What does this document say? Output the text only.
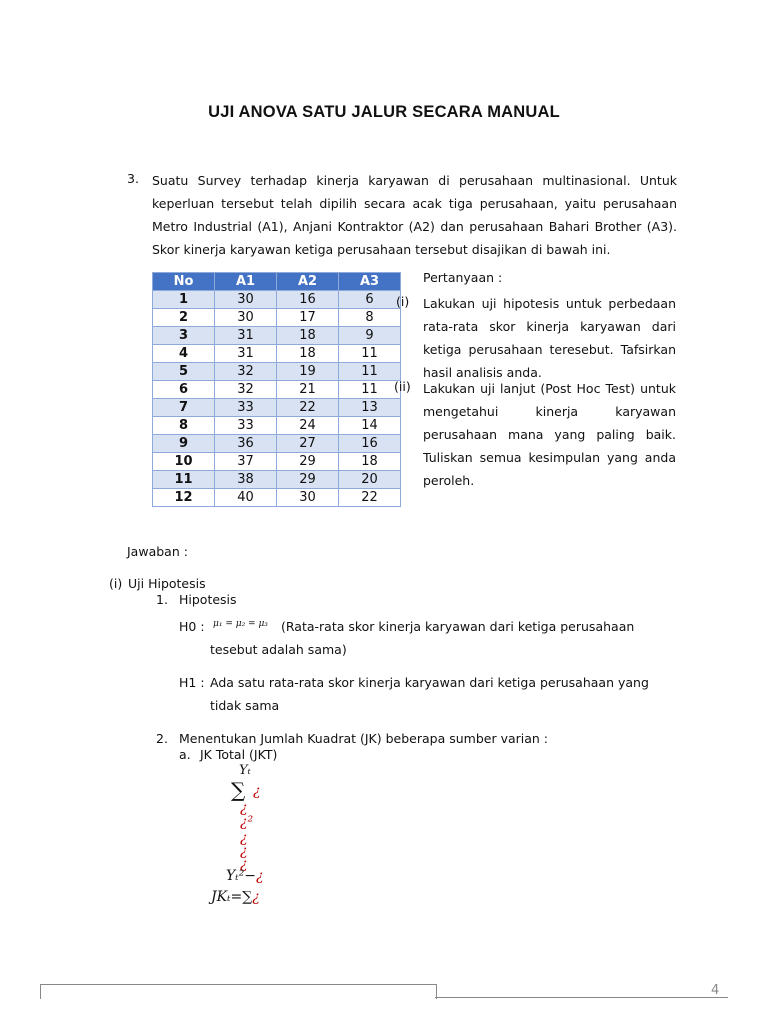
UJI ANOVA SATU JALUR SECARA MANUAL
3. Suatu Survey terhadap kinerja karyawan di perusahaan multinasional. Untuk keperluan tersebut telah dipilih secara acak tiga perusahaan, yaitu perusahaan Metro Industrial (A1), Anjani Kontraktor (A2) dan perusahaan Bahari Brother (A3). Skor kinerja karyawan ketiga perusahaan tersebut disajikan di bawah ini.
No	A1	A2	A3
1	30	16	6
2	30	17	8
3	31	18	9
4	31	18	11
5	32	19	11
6	32	21	11
7	33	22	13
8	33	24	14
9	36	27	16
10	37	29	18
11	38	29	20
12	40	30	22
Pertanyaan :
(i) Lakukan uji hipotesis untuk perbedaan rata-rata skor kinerja karyawan dari ketiga perusahaan teresebut. Tafsirkan hasil analisis anda.
(ii) Lakukan uji lanjut (Post Hoc Test) untuk mengetahui kinerja karyawan perusahaan mana yang paling baik. Tuliskan semua kesimpulan yang anda peroleh.
Jawaban :
(i) Uji Hipotesis
1. Hipotesis
H0 : μ₁ = μ₂ = μ₃ (Rata-rata skor kinerja karyawan dari ketiga perusahaan
tesebut adalah sama)
H1 : Ada satu rata-rata skor kinerja karyawan dari ketiga perusahaan yang
tidak sama
2. Menentukan Jumlah Kuadrat (JK) beberapa sumber varian :
a. JK Total (JKT)
Yₜ
∑ ¿
¿
¿²
¿
¿
¿
Yₜ²−¿
JKₜ=∑¿
4
